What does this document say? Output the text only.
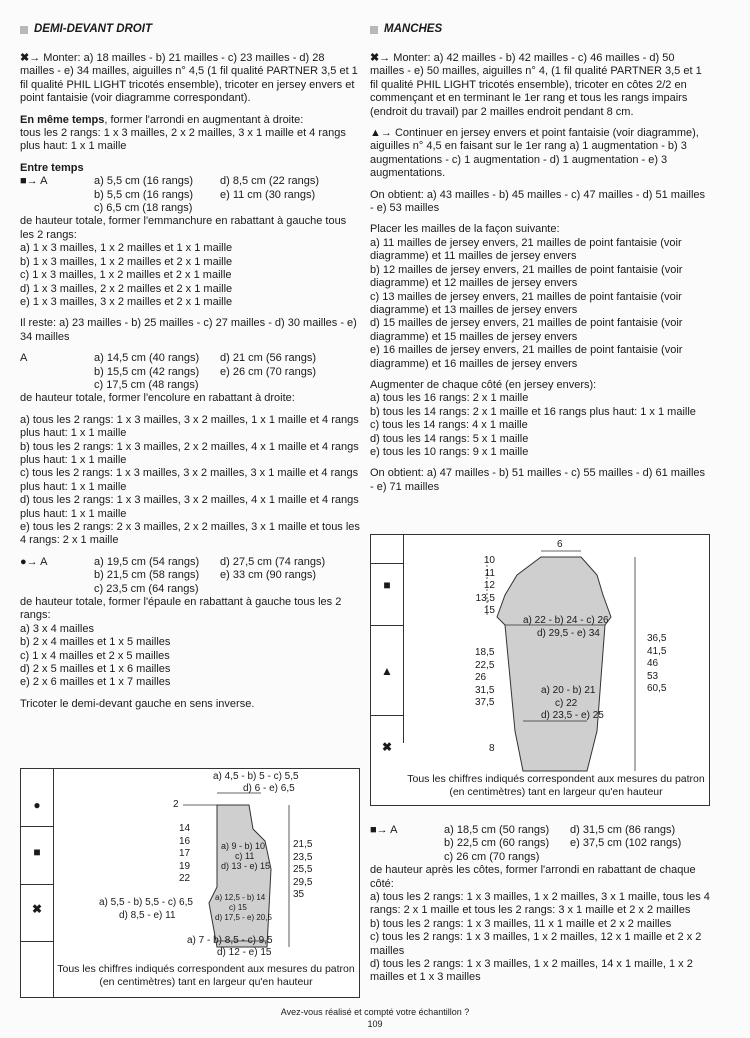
DEMI-DEVANT DROIT

✖→ Monter: a) 18 mailles - b) 21 mailles - c) 23 mailles - d) 28 mailles - e) 34 mailles, aiguilles n° 4,5 (1 fil qualité PARTNER 3,5 et 1 fil qualité PHIL LIGHT tricotés ensemble), tricoter en jersey envers et point fantaisie (voir diagramme correspondant).

En même temps, former l'arrondi en augmentant à droite:
tous les 2 rangs: 1 x 3 mailles, 2 x 2 mailles, 3 x 1 maille et 4 rangs
plus haut: 1 x 1 maille

Entre temps

■→ A	a) 5,5 cm (16 rangs)	d) 8,5 cm (22 rangs)
b) 5,5 cm (16 rangs)	e) 11 cm (30 rangs)
c) 6,5 cm (18 rangs)

de hauteur totale, former l'emmanchure en rabattant à gauche tous les 2 rangs:

a) 1 x 3 mailles, 1 x 2 mailles et 1 x 1 maille
b) 1 x 3 mailles, 1 x 2 mailles et 2 x 1 maille
c) 1 x 3 mailles, 1 x 2 mailles et 2 x 1 maille
d) 1 x 3 mailles, 2 x 2 mailles et 2 x 1 maille
e) 1 x 3 mailles, 3 x 2 mailles et 2 x 1 maille

Il reste: a) 23 mailles - b) 25 mailles - c) 27 mailles - d) 30 mailles - e) 34 mailles

A	a) 14,5 cm (40 rangs)	d) 21 cm (56 rangs)
b) 15,5 cm (42 rangs)	e) 26 cm (70 rangs)
c) 17,5 cm (48 rangs)

de hauteur totale, former l'encolure en rabattant à droite:

a) tous les 2 rangs: 1 x 3 mailles, 3 x 2 mailles, 1 x 1 maille et 4 rangs plus haut: 1 x 1 maille
b) tous les 2 rangs: 1 x 3 mailles, 2 x 2 mailles, 4 x 1 maille et 4 rangs plus haut: 1 x 1 maille
c) tous les 2 rangs: 1 x 3 mailles, 3 x 2 mailles, 3 x 1 maille et 4 rangs plus haut: 1 x 1 maille
d) tous les 2 rangs: 1 x 3 mailles, 3 x 2 mailles, 4 x 1 maille et 4 rangs plus haut: 1 x 1 maille
e) tous les 2 rangs: 2 x 3 mailles, 2 x 2 mailles, 3 x 1 maille et tous les 4 rangs: 2 x 1 maille

●→ A	a) 19,5 cm (54 rangs)	d) 27,5 cm (74 rangs)
b) 21,5 cm (58 rangs)	e) 33 cm (90 rangs)
c) 23,5 cm (64 rangs)

de hauteur totale, former l'épaule en rabattant à gauche tous les 2 rangs:

a) 3 x 4 mailles
b) 2 x 4 mailles et 1 x 5 mailles
c) 1 x 4 mailles et 2 x 5 mailles
d) 2 x 5 mailles et 1 x 6 mailles
e) 2 x 6 mailles et 1 x 7 mailles

Tricoter le demi-devant gauche en sens inverse.

●
■
✖
a) 4,5 - b) 5 - c) 5,5
d) 6 - e) 6,5
2
14
16
17
19
22
a) 9 - b) 10
c) 11
d) 13 - e) 15
21,5
23,5
25,5
29,5
35
a) 12,5 - b) 14
c) 15
d) 17,5 - e) 20,5
a) 5,5 - b) 5,5 - c) 6,5
d) 8,5 - e) 11
a) 7 - b) 8,5 - c) 9,5
d) 12 - e) 15
Tous les chiffres indiqués correspondent aux mesures du patron (en centimètres) tant en largeur qu'en hauteur
MANCHES

✖→ Monter: a) 42 mailles - b) 42 mailles - c) 46 mailles - d) 50 mailles - e) 50 mailles, aiguilles n° 4, (1 fil qualité PARTNER 3,5 et 1 fil qualité PHIL LIGHT tricotés ensemble), tricoter en côtes 2/2 en commençant et en terminant le 1er rang et tous les rangs impairs (endroit du travail) par 2 mailles endroit pendant 8 cm.

▲→ Continuer en jersey envers et point fantaisie (voir diagramme), aiguilles n° 4,5 en faisant sur le 1er rang a) 1 augmentation - b) 3 augmentations - c) 1 augmentation - d) 1 augmentation - e) 3 augmentations.

On obtient: a) 43 mailles - b) 45 mailles - c) 47 mailles - d) 51 mailles - e) 53 mailles

Placer les mailles de la façon suivante:

a) 11 mailles de jersey envers, 21 mailles de point fantaisie (voir diagramme) et 11 mailles de jersey envers
b) 12 mailles de jersey envers, 21 mailles de point fantaisie (voir diagramme) et 12 mailles de jersey envers
c) 13 mailles de jersey envers, 21 mailles de point fantaisie (voir diagramme) et 13 mailles de jersey envers
d) 15 mailles de jersey envers, 21 mailles de point fantaisie (voir diagramme) et 15 mailles de jersey envers
e) 16 mailles de jersey envers, 21 mailles de point fantaisie (voir diagramme) et 16 mailles de jersey envers

Augmenter de chaque côté (en jersey envers):

a) tous les 16 rangs: 2 x 1 maille
b) tous les 14 rangs: 2 x 1 maille et 16 rangs plus haut: 1 x 1 maille
c) tous les 14 rangs: 4 x 1 maille
d) tous les 14 rangs: 5 x 1 maille
e) tous les 10 rangs: 9 x 1 maille

On obtient: a) 47 mailles - b) 51 mailles - c) 55 mailles - d) 61 mailles - e) 71 mailles

■
▲
✖
6
10
11
12
13,5
15
a) 22 - b) 24 - c) 26
d) 29,5 - e) 34
18,5
22,5
26
31,5
37,5
36,5
41,5
46
53
60,5
a) 20 - b) 21
c) 22
d) 23,5 - e) 25
8
Tous les chiffres indiqués correspondent aux mesures du patron (en centimètres) tant en largeur qu'en hauteur
■→ A	a) 18,5 cm (50 rangs)	d) 31,5 cm (86 rangs)
b) 22,5 cm (60 rangs)	e) 37,5 cm (102 rangs)
c) 26 cm (70 rangs)

de hauteur après les côtes, former l'arrondi en rabattant de chaque côté:

a) tous les 2 rangs: 1 x 3 mailles, 1 x 2 mailles, 3 x 1 maille, tous les 4 rangs: 2 x 1 maille et tous les 2 rangs: 3 x 1 maille et 2 x 2 mailles
b) tous les 2 rangs: 1 x 3 mailles, 11 x 1 maille et 2 x 2 mailles
c) tous les 2 rangs: 1 x 3 mailles, 1 x 2 mailles, 12 x 1 maille et 2 x 2 mailles
d) tous les 2 rangs: 1 x 3 mailles, 1 x 2 mailles, 14 x 1 maille, 1 x 2 mailles et 1 x 3 mailles

Avez-vous réalisé et compté votre échantillon ?
109
